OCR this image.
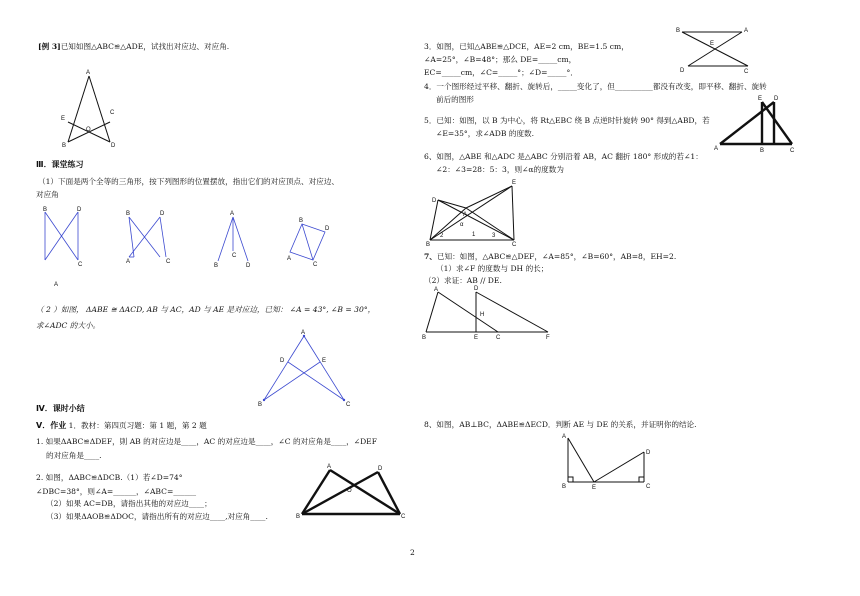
[例 3]已知如图△ABC≌△ADE，试找出对应边、对应角.
A
E
C
O
B	D
Ⅲ．课堂练习
（1）下面是两个全等的三角形，按下列图形的位置摆放，指出它们的对应顶点、对应边、
对应角
B	D
C
A
B	D
A	C
A
C
B	D
B
D
A
C
（ 2 ）如图， ΔABE ≅ ΔACD, AB 与 AC，AD 与 AE 是对应边，已知： ∠A = 43°, ∠B = 30°，
求∠ADC 的大小。
A
D	E
B	C
Ⅳ．课时小结
Ⅴ．作业 1．教材：第四页习题：第 1 题，第 2 题
1. 如果ΔABC≌ΔDEF，則 AB 的对应边是____，AC 的对应边是____，∠C 的对应角是____，∠DEF
的对应角是____.
2. 如图，ΔABC≌ΔDCB.（1）若∠D=74°
∠DBC=38°，则∠A=______，∠ABC=______
（2）如果 AC=DB，请指出其他的对应边____；
（3）如果ΔAOB≌ΔDOC，请指出所有的对应边____,对应角____.
A	D
O
B	C
2
3．如图，已知△ABE≌△DCE，AE=2 cm，BE=1.5 cm，
∠A=25°，∠B=48°；那么 DE=_____cm，
EC=_____cm，∠C=_____°；∠D=_____°．
B	A
E
D	C
4．一个图形经过平移、翻折、旋转后，_____变化了，但__________都没有改变，即平移、翻折、旋转
前后的图形
5．已知：如图，以 B 为中心，将 Rt△EBC 绕 B 点逆时针旋转 90° 得到△ABD，若
∠E=35°，求∠ADB 的度数.
E D
A	B	C
6、如图，△ABE 和△ADC 是△ABC 分别沿着 AB，AC 翻折 180° 形成的若∠1：
∠2：∠3=28：5：3，则∠α的度数为
D
E
A
α
1
2	3
B	C
7、已知：如图，△ABC≌△DEF，∠A=85°，∠B=60°，AB=8，EH=2.
（1）求∠F 的度数与 DH 的长；
（2）求证：AB // DE.
A	D
H
B	E	C	F
8、如图，AB⊥BC，ΔABE≌ΔECD．判断 AE 与 DE 的关系，并证明你的结论.
A
D
B	E	C
